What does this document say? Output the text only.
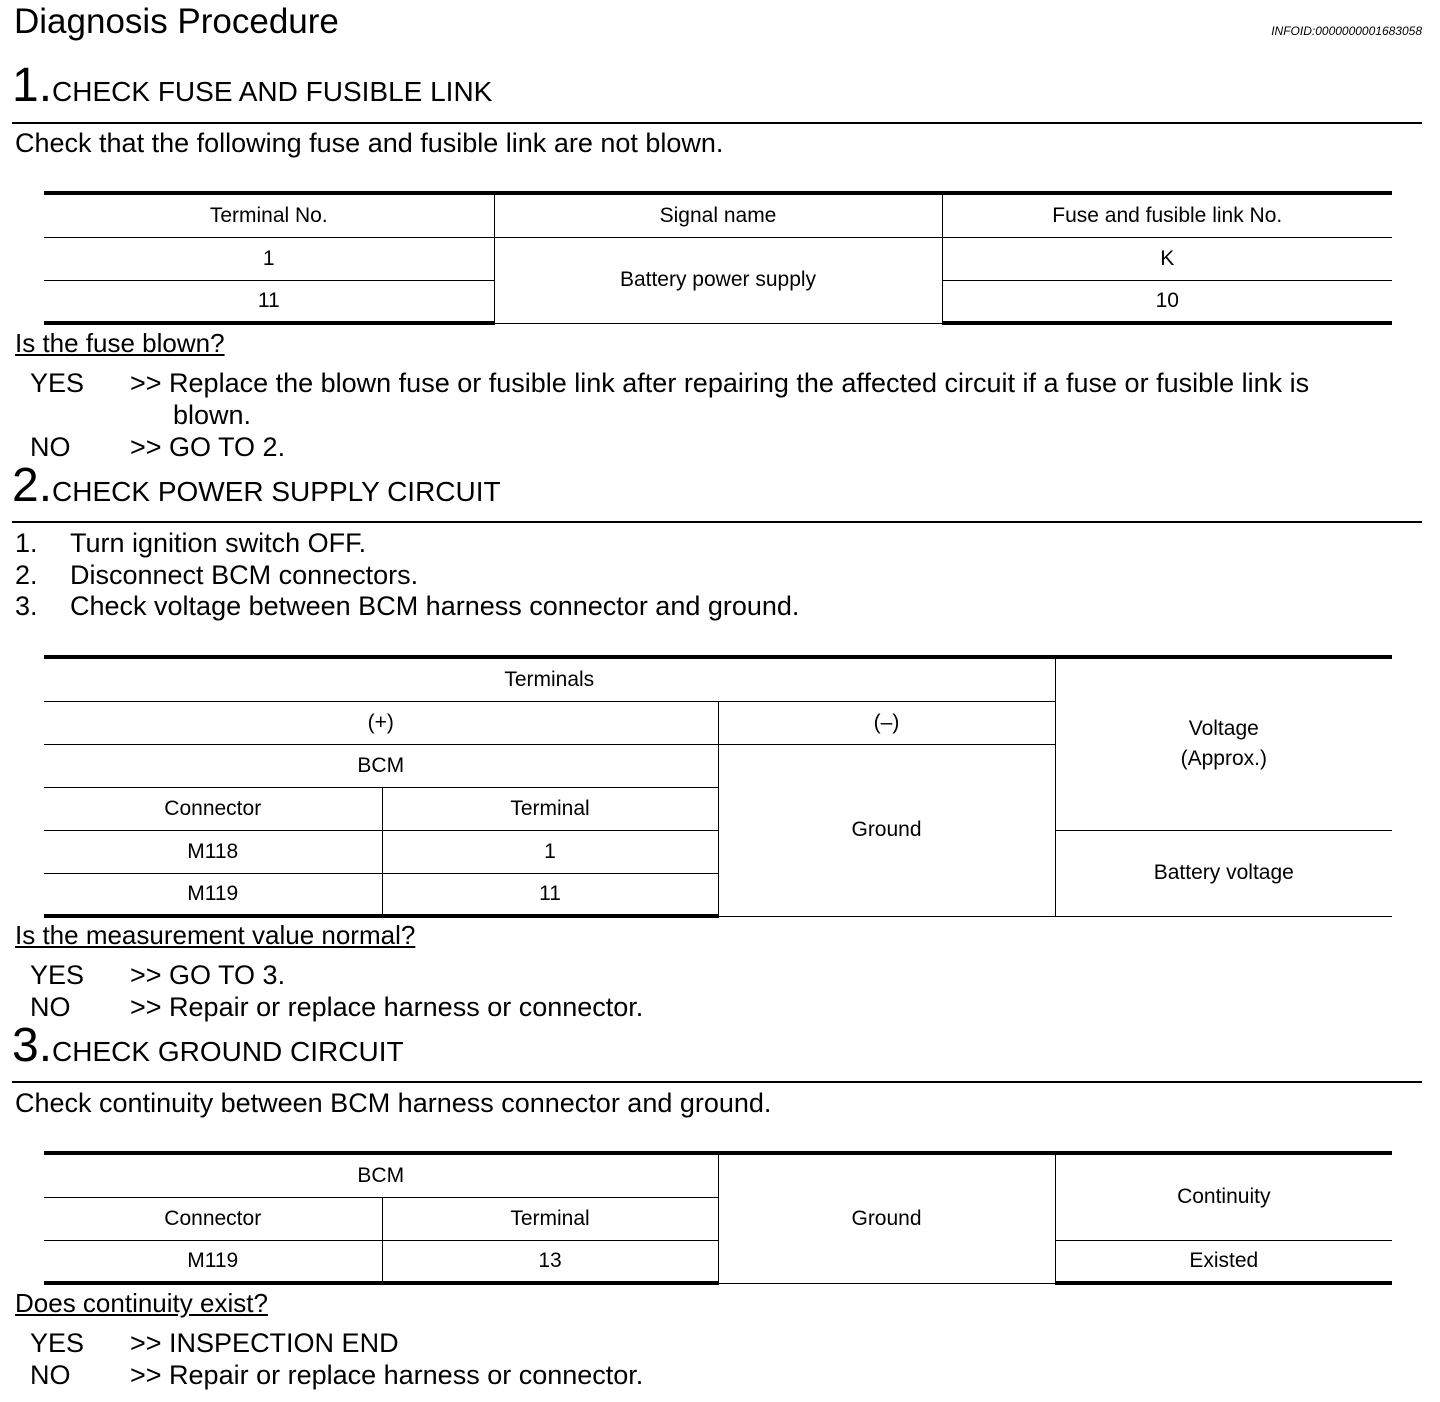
Diagnosis Procedure	INFOID:0000000001683058
1.CHECK FUSE AND FUSIBLE LINK
Check that the following fuse and fusible link are not blown.
Terminal No.	Signal name	Fuse and fusible link No.
1	Battery power supply	K
11		10
Is the fuse blown?
YES >> Replace the blown fuse or fusible link after repairing the affected circuit if a fuse or fusible link is
blown.
NO >> GO TO 2.
2.CHECK POWER SUPPLY CIRCUIT
1. Turn ignition switch OFF.
2. Disconnect BCM connectors.
3. Check voltage between BCM harness connector and ground.
Terminals			Voltage
(Approx.)

(+)		(–)	
BCM		Ground	
Connector	Terminal		
M118	1		Battery voltage
M119	11		
Is the measurement value normal?
YES >> GO TO 3.
NO >> Repair or replace harness or connector.
3.CHECK GROUND CIRCUIT
Check continuity between BCM harness connector and ground.
BCM		Ground	Continuity
Connector	Terminal		
M119	13		Existed
Does continuity exist?
YES >> INSPECTION END
NO >> Repair or replace harness or connector.
